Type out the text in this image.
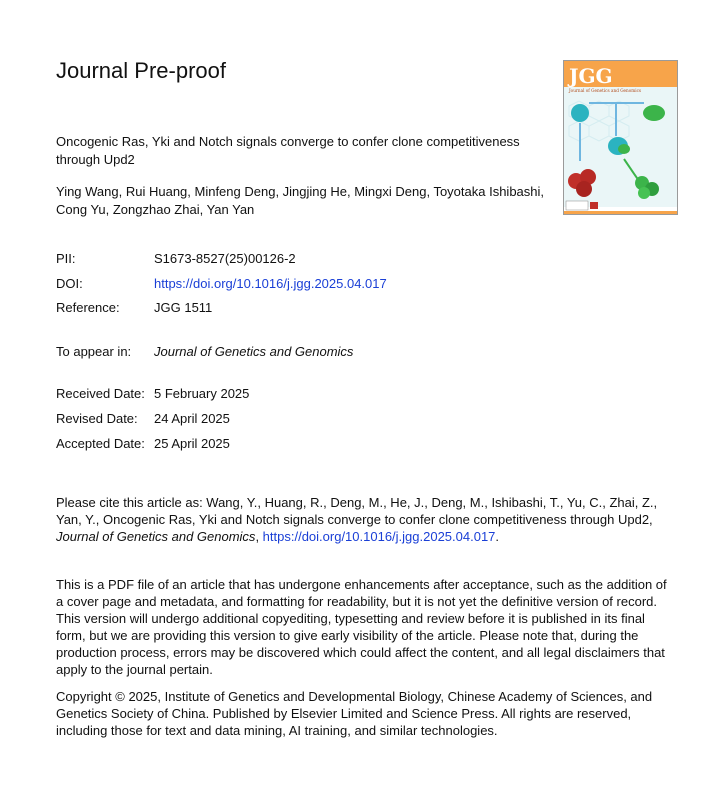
Journal Pre-proof	JGG
Journal of Genetics and Genomics
Oncogenic Ras, Yki and Notch signals converge to confer clone competitiveness through Upd2
Ying Wang, Rui Huang, Minfeng Deng, Jingjing He, Mingxi Deng, Toyotaka Ishibashi, Cong Yu, Zongzhao Zhai, Yan Yan
PII:	S1673-8527(25)00126-2
DOI:	https://doi.org/10.1016/j.jgg.2025.04.017
Reference:	JGG 1511
To appear in: Journal of Genetics and Genomics
Received Date: 5 February 2025
Revised Date: 24 April 2025
Accepted Date: 25 April 2025
Please cite this article as: Wang, Y., Huang, R., Deng, M., He, J., Deng, M., Ishibashi, T., Yu, C., Zhai, Z., Yan, Y., Oncogenic Ras, Yki and Notch signals converge to confer clone competitiveness through Upd2, Journal of Genetics and Genomics, https://doi.org/10.1016/j.jgg.2025.04.017.
This is a PDF file of an article that has undergone enhancements after acceptance, such as the addition of a cover page and metadata, and formatting for readability, but it is not yet the definitive version of record. This version will undergo additional copyediting, typesetting and review before it is published in its final form, but we are providing this version to give early visibility of the article. Please note that, during the production process, errors may be discovered which could affect the content, and all legal disclaimers that apply to the journal pertain.
Copyright © 2025, Institute of Genetics and Developmental Biology, Chinese Academy of Sciences, and Genetics Society of China. Published by Elsevier Limited and Science Press. All rights are reserved, including those for text and data mining, AI training, and similar technologies.
